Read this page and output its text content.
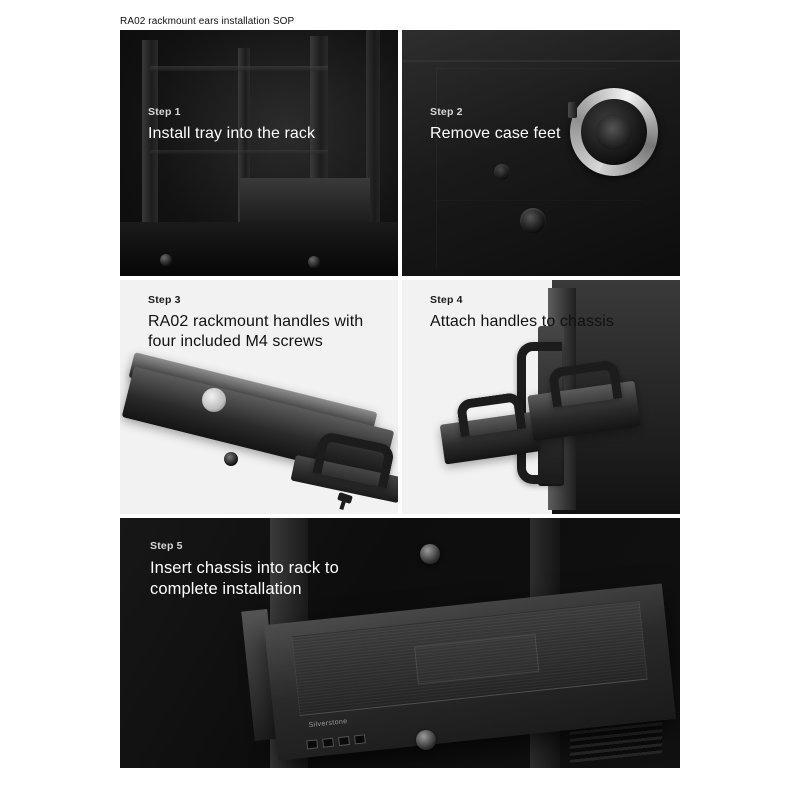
RA02 rackmount ears installation SOP
Step 1
Install tray into the rack
Step 2
Remove case feet
Step 3
RA02 rackmount handles with four included M4 screws
Step 4
Attach handles to chassis
Silverstone
Step 5
Insert chassis into rack to complete installation
